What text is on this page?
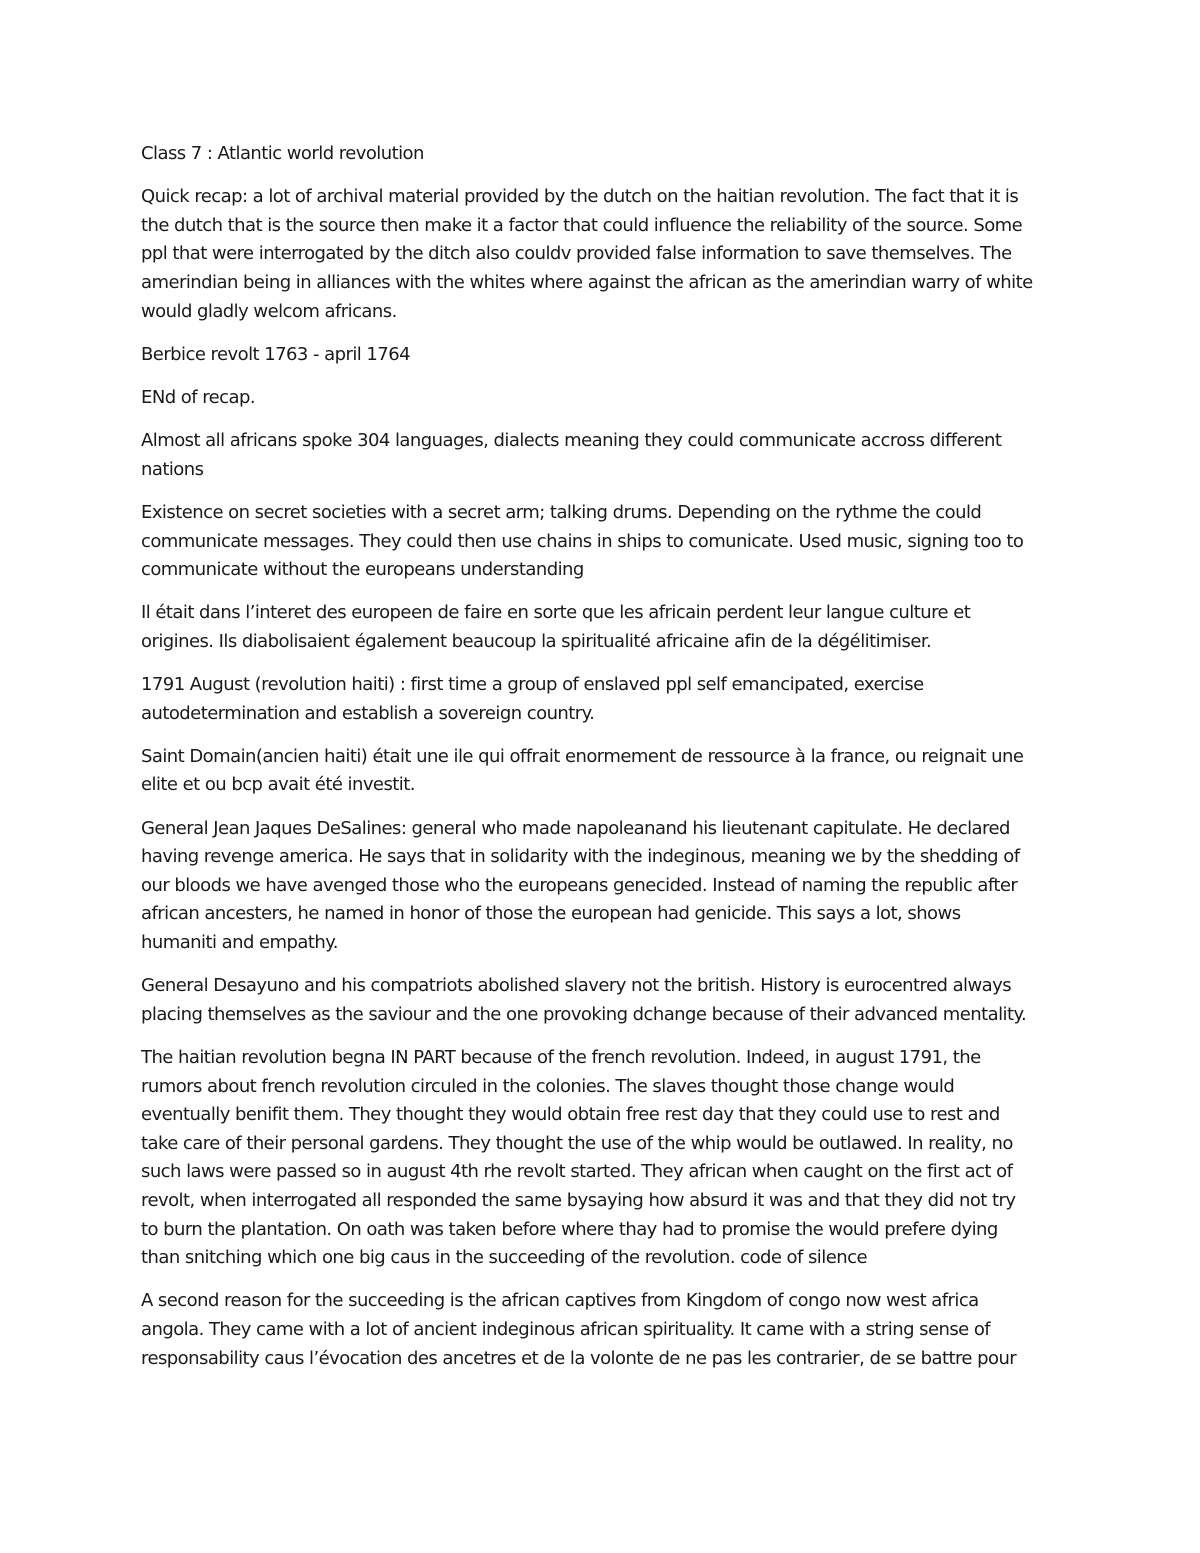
Class 7 : Atlantic world revolution
Quick recap: a lot of archival material provided by the dutch on the haitian revolution. The fact that it is
the dutch that is the source then make it a factor that could influence the reliability of the source. Some
ppl that were interrogated by the ditch also couldv provided false information to save themselves. The
amerindian being in alliances with the whites where against the african as the amerindian warry of white
would gladly welcom africans.
Berbice revolt 1763 - april 1764
ENd of recap.
Almost all africans spoke 304 languages, dialects meaning they could communicate accross different
nations
Existence on secret societies with a secret arm; talking drums. Depending on the rythme the could
communicate messages. They could then use chains in ships to comunicate. Used music, signing too to
communicate without the europeans understanding
Il était dans l’interet des europeen de faire en sorte que les africain perdent leur langue culture et
origines. Ils diabolisaient également beaucoup la spiritualité africaine afin de la dégélitimiser.
1791 August (revolution haiti) : first time a group of enslaved ppl self emancipated, exercise
autodetermination and establish a sovereign country.
Saint Domain(ancien haiti) était une ile qui offrait enormement de ressource à la france, ou reignait une
elite et ou bcp avait été investit.
General Jean Jaques DeSalines: general who made napoleanand his lieutenant capitulate. He declared
having revenge america. He says that in solidarity with the indeginous, meaning we by the shedding of
our bloods we have avenged those who the europeans genecided. Instead of naming the republic after
african ancesters, he named in honor of those the european had genicide. This says a lot, shows
humaniti and empathy.
General Desayuno and his compatriots abolished slavery not the british. History is eurocentred always
placing themselves as the saviour and the one provoking dchange because of their advanced mentality.
The haitian revolution begna IN PART because of the french revolution. Indeed, in august 1791, the
rumors about french revolution circuled in the colonies. The slaves thought those change would
eventually benifit them. They thought they would obtain free rest day that they could use to rest and
take care of their personal gardens. They thought the use of the whip would be outlawed. In reality, no
such laws were passed so in august 4th rhe revolt started. They african when caught on the first act of
revolt, when interrogated all responded the same bysaying how absurd it was and that they did not try
to burn the plantation. On oath was taken before where thay had to promise the would prefere dying
than snitching which one big caus in the succeeding of the revolution. code of silence
A second reason for the succeeding is the african captives from Kingdom of congo now west africa
angola. They came with a lot of ancient indeginous african spirituality. It came with a string sense of
responsability caus l’évocation des ancetres et de la volonte de ne pas les contrarier, de se battre pour
